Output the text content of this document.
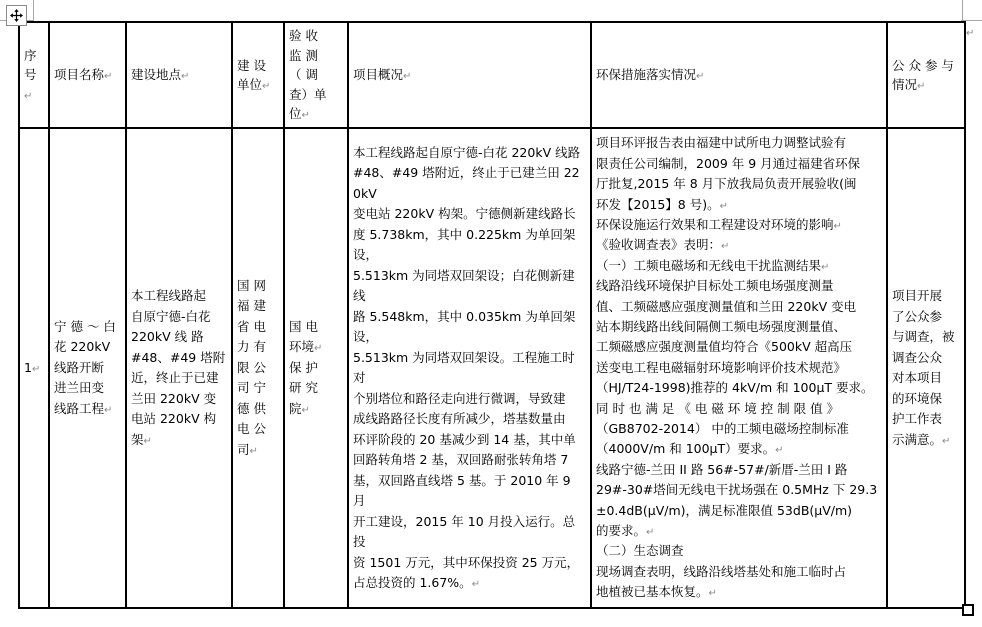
↵
序
号↵	项目名称↵	建设地点↵	建 设
单位↵	验 收
监 测
（ 调
查）单
位↵	项目概况↵	环保措施落实情况↵	公 众 参 与
情况↵
1↵	宁 德 ～ 白
花 220kV
线路开断
进兰田变
线路工程↵	本工程线路起
自原宁德-白花
220kV 线 路
#48、#49 塔附
近，终止于已建
兰田 220kV 变
电站 220kV 构
架↵	国 网
福 建
省 电
力 有
限 公
司 宁
德 供
电 公
司↵	国 电
环境↵
保 护
研 究
院↵	本工程线路起自原宁德-白花 220kV 线路
#48、#49 塔附近，终止于已建兰田 220kV
变电站 220kV 构架。宁德侧新建线路长
度 5.738km，其中 0.225km 为单回架设，
5.513km 为同塔双回架设；白花侧新建线
路 5.548km，其中 0.035km 为单回架设，
5.513km 为同塔双回架设。工程施工时对
个别塔位和路径走向进行微调，导致建
成线路路径长度有所减少，塔基数量由
环评阶段的 20 基减少到 14 基，其中单
回路转角塔 2 基，双回路耐张转角塔 7
基，双回路直线塔 5 基。于 2010 年 9 月
开工建设，2015 年 10 月投入运行。总投
资 1501 万元，其中环保投资 25 万元，
占总投资的 1.67%。↵	项目环评报告表由福建中试所电力调整试验有
限责任公司编制，2009 年 9 月通过福建省环保
厅批复,2015 年 8 月下放我局负责开展验收(闽
环发【2015】8 号)。↵
环保设施运行效果和工程建设对环境的影响↵
《验收调查表》表明：↵
（一）工频电磁场和无线电干扰监测结果↵
线路沿线环境保护目标处工频电场强度测量
值、工频磁感应强度测量值和兰田 220kV 变电
站本期线路出线间隔侧工频电场强度测量值、
工频磁感应强度测量值均符合《500kV 超高压
送变电工程电磁辐射环境影响评价技术规范》
（HJ/T24-1998)推荐的 4kV/m 和 100μT 要求。
同 时 也 满 足 《 电 磁 环 境 控 制 限 值 》
（GB8702-2014） 中的工频电磁场控制标准
（4000V/m 和 100μT）要求。↵
线路宁德-兰田 II 路 56#-57#/新厝-兰田 I 路
29#-30#塔间无线电干扰场强在 0.5MHz 下 29.3
±0.4dB(μV/m)，满足标准限值 53dB(μV/m)
的要求。↵
（二）生态调查
现场调查表明，线路沿线塔基处和施工临时占
地植被已基本恢复。↵	项目开展
了公众参
与调查，被
调查公众
对本项目
的环境保
护工作表
示满意。↵
